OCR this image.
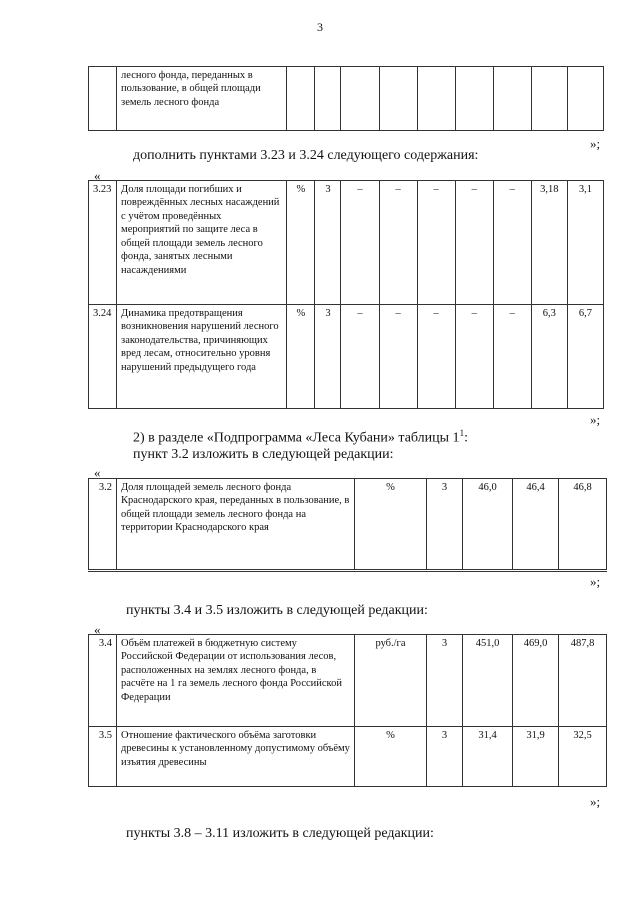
3
	лесного фонда, переданных в пользование, в общей площади земель лесного фонда									
»;
дополнить пунктами 3.23 и 3.24 следующего содержания:
«
3.23	Доля площади погибших и повреждённых лесных насаждений с учётом проведённых мероприятий по защите леса в общей площади земель лесного фонда, занятых лесными насаждениями	%	3	–	–	–	–	–	3,18	3,1
3.24	Динамика предотвращения возникновения нарушений лесного законодательства, причиняющих вред лесам, относительно уровня нарушений предыдущего года	%	3	–	–	–	–	–	6,3	6,7
»;
2) в разделе «Подпрограмма «Леса Кубани» таблицы $1^1$:
пункт 3.2 изложить в следующей редакции:
«
3.2	Доля площадей земель лесного фонда Краснодарского края, переданных в пользование, в общей площади земель лесного фонда на территории Краснодарского края	%	3	46,0	46,4	46,8
»;
пункты 3.4 и 3.5 изложить в следующей редакции:
«
3.4	Объём платежей в бюджетную систему Российской Федерации от использования лесов, расположенных на землях лесного фонда, в расчёте на 1 га земель лесного фонда Российской Федерации	руб./га	3	451,0	469,0	487,8
3.5	Отношение фактического объёма заготовки древесины к установленному допустимому объёму изъятия древесины	%	3	31,4	31,9	32,5
»;
пункты 3.8 – 3.11 изложить в следующей редакции:
